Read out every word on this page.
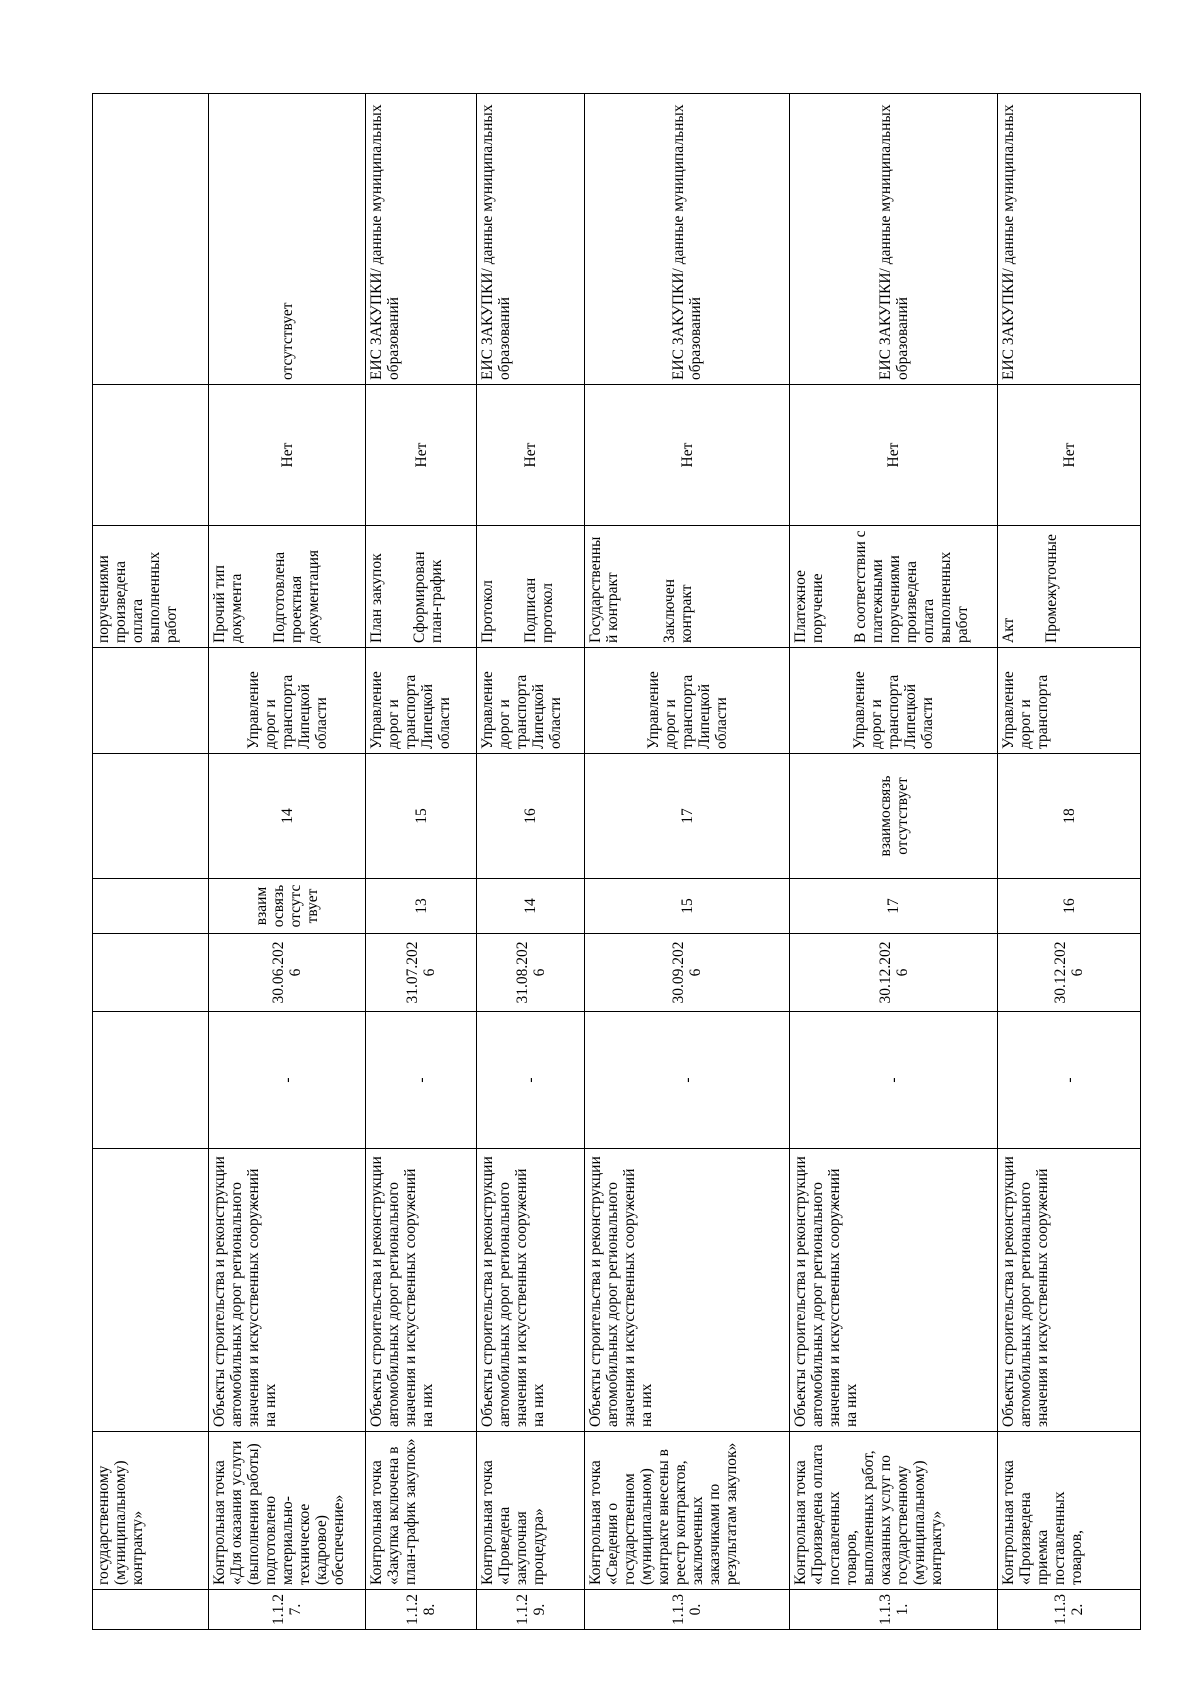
	государственному (муниципальному) контракту»							поручениями произведена оплата выполненных работ		
1.1.27.	Контрольная точка «Для оказания услуги (выполнения работы) подготовлено материально-техническое (кадровое) обеспечение»	Объекты строительства и реконструкции автомобильных дорог регионального значения и искусственных сооружений на них	-	30.06.2026	взаимосвязь отсутствует	14	Управление дорог и транспорта Липецкой области	Прочий тип документа Подготовлена проектная документация	Нет	отсутствует
1.1.28.	Контрольная точка «Закупка включена в план-график закупок»	Объекты строительства и реконструкции автомобильных дорог регионального значения и искусственных сооружений на них	-	31.07.2026	13	15	Управление дорог и транспорта Липецкой области	План закупок Сформирован план-график	Нет	ЕИС ЗАКУПКИ/ данные муниципальных образований
1.1.29.	Контрольная точка «Проведена закупочная процедура»	Объекты строительства и реконструкции автомобильных дорог регионального значения и искусственных сооружений на них	-	31.08.2026	14	16	Управление дорог и транспорта Липецкой области	Протокол Подписан протокол	Нет	ЕИС ЗАКУПКИ/ данные муниципальных образований
1.1.30.	Контрольная точка «Сведения о государственном (муниципальном) контракте внесены в реестр контрактов, заключенных заказчиками по результатам закупок»	Объекты строительства и реконструкции автомобильных дорог регионального значения и искусственных сооружений на них	-	30.09.2026	15	17	Управление дорог и транспорта Липецкой области	Государственный контракт Заключен контракт	Нет	ЕИС ЗАКУПКИ/ данные муниципальных образований
1.1.31.	Контрольная точка «Произведена оплата поставленных товаров, выполненных работ, оказанных услуг по государственному (муниципальному) контракту»	Объекты строительства и реконструкции автомобильных дорог регионального значения и искусственных сооружений на них	-	30.12.2026	17	взаимосвязь отсутствует	Управление дорог и транспорта Липецкой области	Платежное поручение В соответствии с платежными поручениями произведена оплата выполненных работ	Нет	ЕИС ЗАКУПКИ/ данные муниципальных образований
1.1.32.	Контрольная точка «Произведена приемка поставленных товаров,	Объекты строительства и реконструкции автомобильных дорог регионального значения и искусственных сооружений	-	30.12.2026	16	18	Управление дорог и транспорта	Акт Промежуточные	Нет	ЕИС ЗАКУПКИ/ данные муниципальных
